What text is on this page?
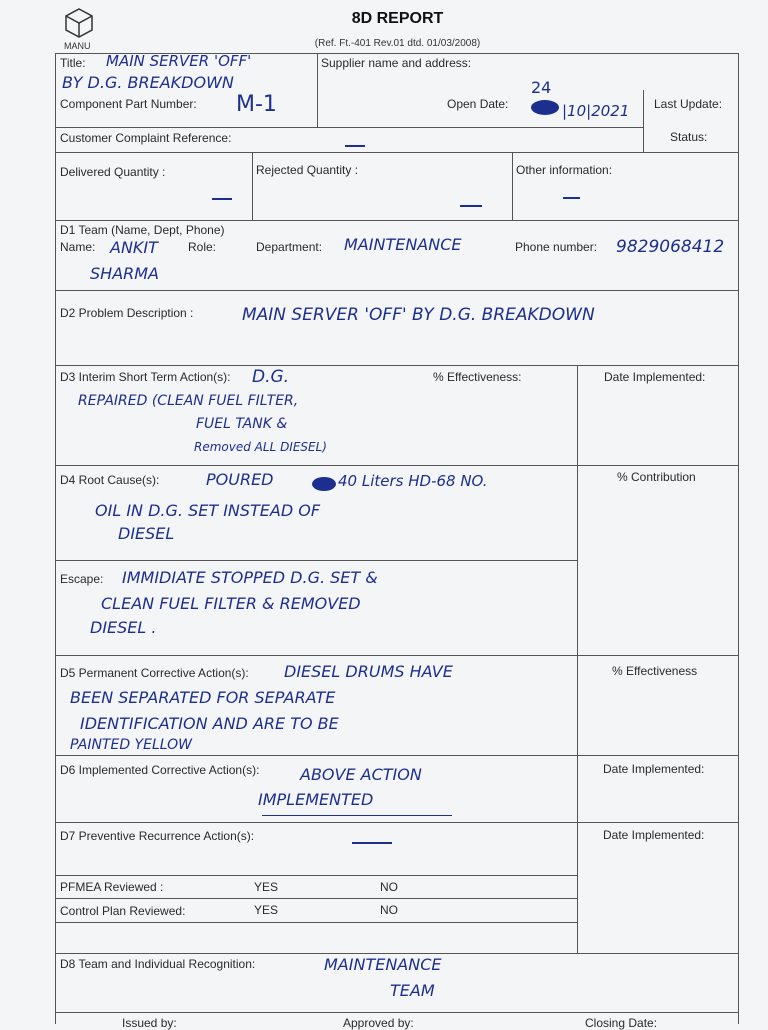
MANU
8D REPORT
(Ref. Ft.-401 Rev.01 dtd. 01/03/2008)
Title: MAIN SERVER 'OFF'
BY D.G. BREAKDOWN
Supplier name and address:
Component Part Number: M-1	Open Date:
24
|10|2021 Last Update:
Customer Complaint Reference:	Status:
Delivered Quantity :	Rejected Quantity :	Other information:
D1 Team (Name, Dept, Phone)
Name: ANKIT	Role:
SHARMA
Department: MAINTENANCE	Phone number: 9829068412
D2 Problem Description :	MAIN SERVER 'OFF' BY D.G. BREAKDOWN
D3 Interim Short Term Action(s): D.G.	% Effectiveness:	Date Implemented:
REPAIRED (CLEAN FUEL FILTER,
FUEL TANK &
Removed ALL DIESEL)
D4 Root Cause(s):	POURED	40 Liters HD-68 NO.	% Contribution
OIL IN D.G. SET INSTEAD OF
DIESEL
Escape: IMMIDIATE STOPPED D.G. SET &
CLEAN FUEL FILTER & REMOVED
DIESEL .
D5 Permanent Corrective Action(s): DIESEL DRUMS HAVE	% Effectiveness
BEEN SEPARATED FOR SEPARATE
IDENTIFICATION AND ARE TO BE
PAINTED YELLOW
D6 Implemented Corrective Action(s):	ABOVE ACTION	Date Implemented:
IMPLEMENTED
D7 Preventive Recurrence Action(s):	Date Implemented:
PFMEA Reviewed :	YES	NO
Control Plan Reviewed:	YES	NO
D8 Team and Individual Recognition:	MAINTENANCE
TEAM
Issued by:	Approved by:	Closing Date:
